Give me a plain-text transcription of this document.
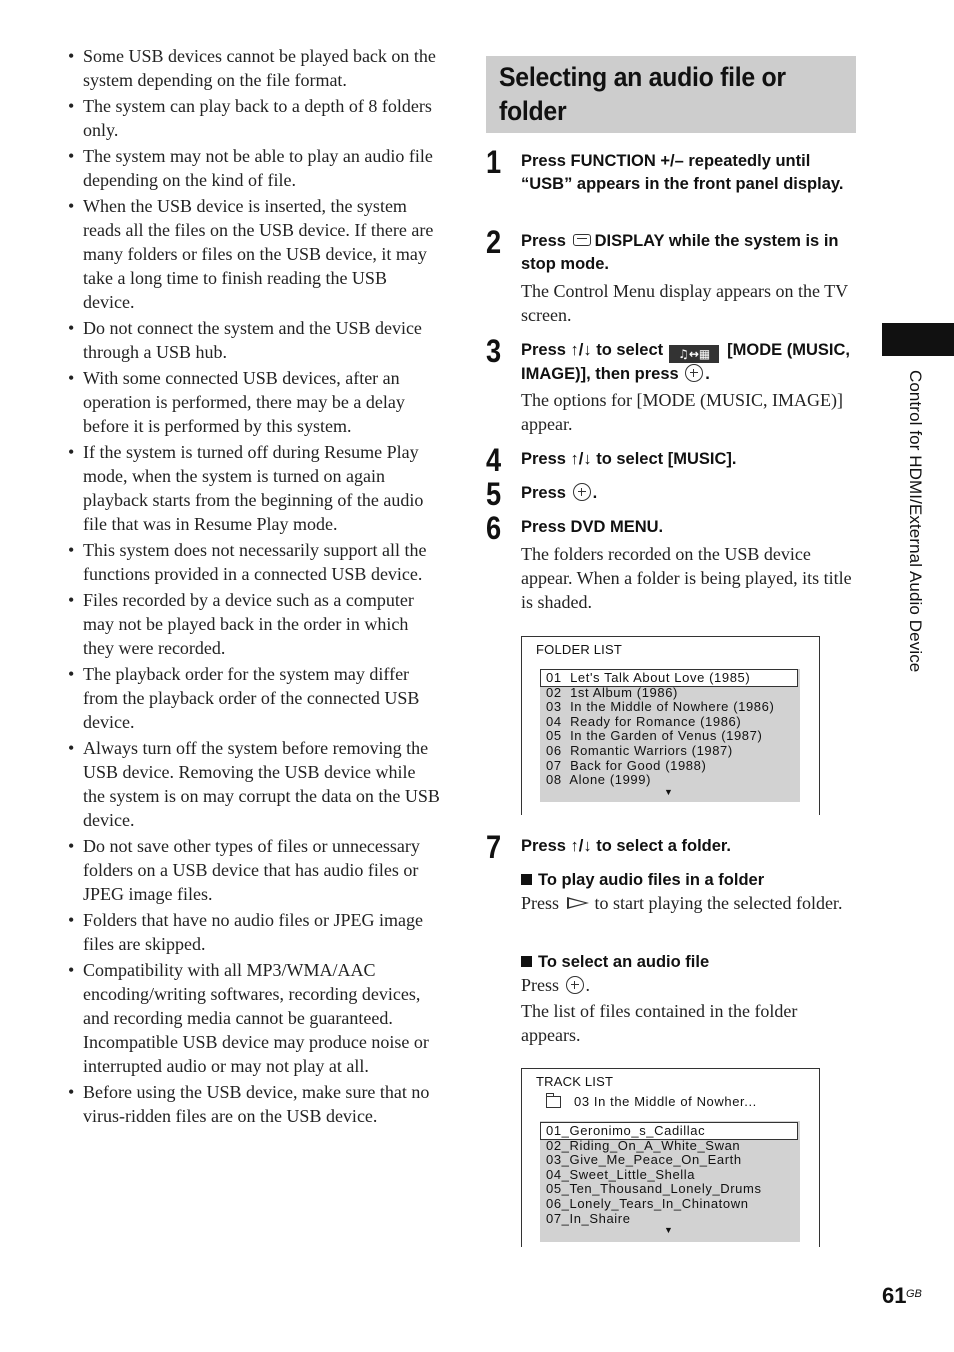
• Some USB devices cannot be played back on the system depending on the file format.
• The system can play back to a depth of 8 folders only.
• The system may not be able to play an audio file depending on the kind of file.
• When the USB device is inserted, the system reads all the files on the USB device. If there are many folders or files on the USB device, it may take a long time to finish reading the USB device.
• Do not connect the system and the USB device through a USB hub.
• With some connected USB devices, after an operation is performed, there may be a delay before it is performed by this system.
• If the system is turned off during Resume Play mode, when the system is turned on again playback starts from the beginning of the audio file that was in Resume Play mode.
• This system does not necessarily support all the functions provided in a connected USB device.
• Files recorded by a device such as a computer may not be played back in the order in which they were recorded.
• The playback order for the system may differ from the playback order of the connected USB device.
• Always turn off the system before removing the USB device. Removing the USB device while the system is on may corrupt the data on the USB device.
• Do not save other types of files or unnecessary folders on a USB device that has audio files or JPEG image files.
• Folders that have no audio files or JPEG image files are skipped.
• Compatibility with all MP3/WMA/AAC encoding/writing softwares, recording devices, and recording media cannot be guaranteed. Incompatible USB device may produce noise or interrupted audio or may not play at all.
• Before using the USB device, make sure that no virus-ridden files are on the USB device.
Selecting an audio file or folder
1 Press FUNCTION +/– repeatedly until “USB” appears in the front panel display.
2 Press DISPLAY while the system is in stop mode.
The Control Menu display appears on the TV screen.
3 Press ↑/↓ to select ♫↔▦ [MODE (MUSIC, IMAGE)], then press .
The options for [MODE (MUSIC, IMAGE)] appear.
4 Press ↑/↓ to select [MUSIC].
5 Press .
6 Press DVD MENU.
The folders recorded on the USB device appear. When a folder is being played, its title is shaded.
FOLDER LIST
01  Let's Talk About Love (1985)
02  1st Album (1986)
03  In the Middle of Nowhere (1986)
04  Ready for Romance (1986)
05  In the Garden of Venus (1987)
06  Romantic Warriors (1987)
07  Back for Good (1988)
08  Alone (1999)
▼
7 Press ↑/↓ to select a folder.
To play audio files in a folder
Press to start playing the selected folder.
To select an audio file
Press .
The list of files contained in the folder appears.
TRACK LIST
03 In the Middle of Nowher...
01_Geronimo_s_Cadillac
02_Riding_On_A_White_Swan
03_Give_Me_Peace_On_Earth
04_Sweet_Little_Shella
05_Ten_Thousand_Lonely_Drums
06_Lonely_Tears_In_Chinatown
07_In_Shaire
▼
Control for HDMI/External Audio Device
61 GB
